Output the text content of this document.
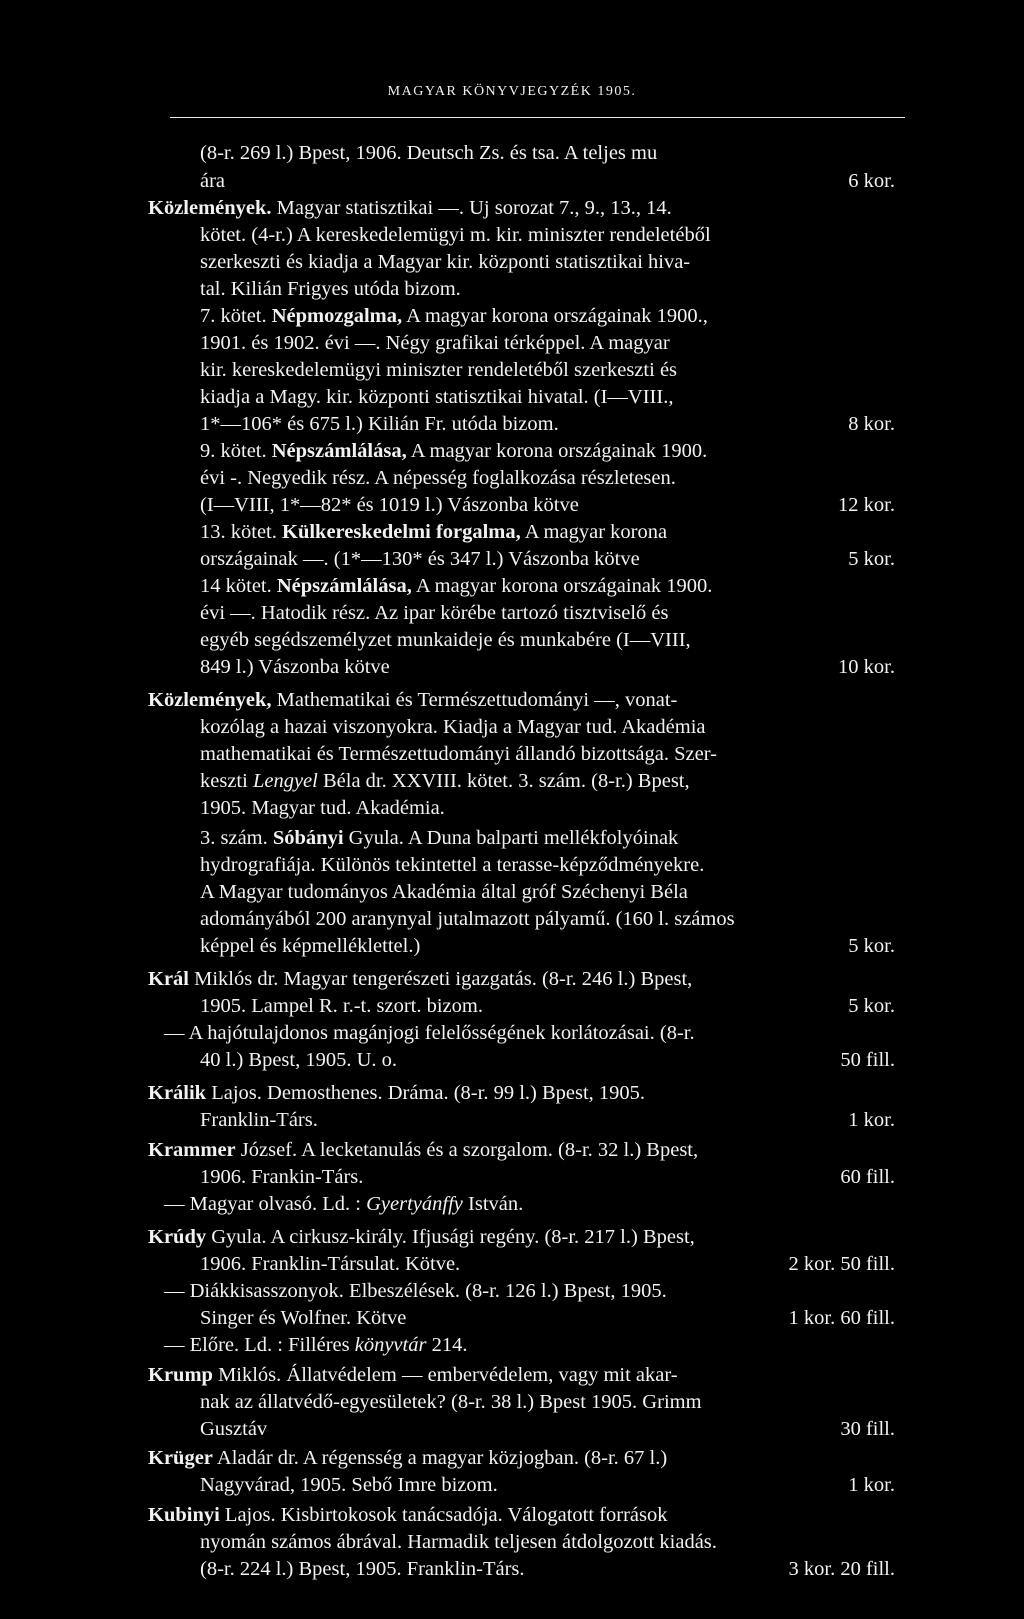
MAGYAR KÖNYVJEGYZÉK 1905.
(8-r. 269 l.) Bpest, 1906. Deutsch Zs. és tsa. A teljes mu
ára	6 kor.
Közlemények. Magyar statisztikai —. Uj sorozat 7., 9., 13., 14.
kötet. (4-r.) A kereskedelemügyi m. kir. miniszter rendeletéből
szerkeszti és kiadja a Magyar kir. központi statisztikai hiva-
tal. Kilián Frigyes utóda bizom.
7. kötet. Népmozgalma, A magyar korona országainak 1900.,
1901. és 1902. évi —. Négy grafikai térképpel. A magyar
kir. kereskedelemügyi miniszter rendeletéből szerkeszti és
kiadja a Magy. kir. központi statisztikai hivatal. (I—VIII.,
1*—106* és 675 l.) Kilián Fr. utóda bizom.	8 kor.
9. kötet. Népszámlálása, A magyar korona országainak 1900.
évi -. Negyedik rész. A népesség foglalkozása részletesen.
(I—VIII, 1*—82* és 1019 l.) Vászonba kötve	12 kor.
13. kötet. Külkereskedelmi forgalma, A magyar korona
országainak —. (1*—130* és 347 l.) Vászonba kötve	5 kor.
14 kötet. Népszámlálása, A magyar korona országainak 1900.
évi —. Hatodik rész. Az ipar körébe tartozó tisztviselő és
egyéb segédszemélyzet munkaideje és munkabére (I—VIII,
849 l.) Vászonba kötve	10 kor.
Közlemények, Mathematikai és Természettudományi —, vonat-
kozólag a hazai viszonyokra. Kiadja a Magyar tud. Akadémia
mathematikai és Természettudományi állandó bizottsága. Szer-
keszti Lengyel Béla dr. XXVIII. kötet. 3. szám. (8-r.) Bpest,
1905. Magyar tud. Akadémia.
3. szám. Sóbányi Gyula. A Duna balparti mellékfolyóinak
hydrografiája. Különös tekintettel a terasse-képződményekre.
A Magyar tudományos Akadémia által gróf Széchenyi Béla
adományából 200 aranynyal jutalmazott pályamű. (160 l. számos
képpel és képmelléklettel.)	5 kor.
Král Miklós dr. Magyar tengerészeti igazgatás. (8-r. 246 l.) Bpest,
1905. Lampel R. r.-t. szort. bizom.	5 kor.
— A hajótulajdonos magánjogi felelősségének korlátozásai. (8-r.
40 l.) Bpest, 1905. U. o.	50 fill.
Králik Lajos. Demosthenes. Dráma. (8-r. 99 l.) Bpest, 1905.
Franklin-Társ.	1 kor.
Krammer József. A lecketanulás és a szorgalom. (8-r. 32 l.) Bpest,
1906. Frankin-Társ.	60 fill.
— Magyar olvasó. Ld. : Gyertyánffy István.
Krúdy Gyula. A cirkusz-király. Ifjusági regény. (8-r. 217 l.) Bpest,
1906. Franklin-Társulat. Kötve.	2 kor. 50 fill.
— Diákkisasszonyok. Elbeszélések. (8-r. 126 l.) Bpest, 1905.
Singer és Wolfner. Kötve	1 kor. 60 fill.
— Előre. Ld. : Filléres könyvtár 214.
Krump Miklós. Állatvédelem — embervédelem, vagy mit akar-
nak az állatvédő-egyesületek? (8-r. 38 l.) Bpest 1905. Grimm
Gusztáv	30 fill.
Krüger Aladár dr. A régensség a magyar közjogban. (8-r. 67 l.)
Nagyvárad, 1905. Sebő Imre bizom.	1 kor.
Kubinyi Lajos. Kisbirtokosok tanácsadója. Válogatott források
nyomán számos ábrával. Harmadik teljesen átdolgozott kiadás.
(8-r. 224 l.) Bpest, 1905. Franklin-Társ.	3 kor. 20 fill.
